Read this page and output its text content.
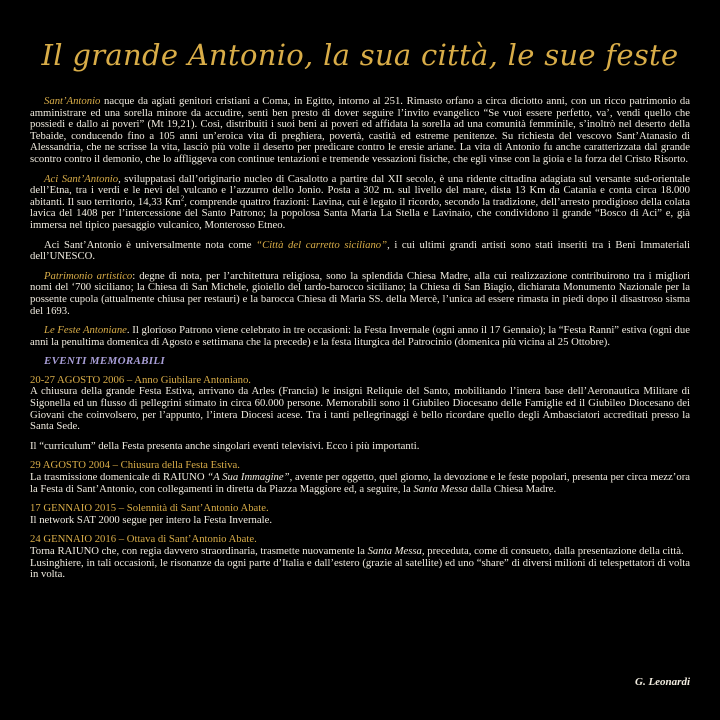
Il grande Antonio, la sua città, le sue feste

Sant’Antonio nacque da agiati genitori cristiani a Coma, in Egitto, intorno al 251. Rimasto orfano a circa diciotto anni, con un ricco patrimonio da amministrare ed una sorella minore da accudire, sentì ben presto di dover seguire l’invito evangelico “Se vuoi essere perfetto, va’, vendi quello che possiedi e dallo ai poveri” (Mt 19,21). Così, distribuiti i suoi beni ai poveri ed affidata la sorella ad una comunità femminile, s’inoltrò nel deserto della Tebaide, conducendo fino a 105 anni un’eroica vita di preghiera, povertà, castità ed estreme penitenze. Su richiesta del vescovo Sant’Atanasio di Alessandria, che ne scrisse la vita, lasciò più volte il deserto per predicare contro le eresie ariane. La vita di Antonio fu anche caratterizzata dal grande scontro contro il demonio, che lo affliggeva con continue tentazioni e tremende vessazioni fisiche, che egli vinse con la gioia e la forza del Cristo Risorto.

Aci Sant’Antonio, sviluppatasi dall’originario nucleo di Casalotto a partire dal XII secolo, è una ridente cittadina adagiata sul versante sud-orientale dell’Etna, tra i verdi e le nevi del vulcano e l’azzurro dello Jonio. Posta a 302 m. sul livello del mare, dista 13 Km da Catania e conta circa 18.000 abitanti. Il suo territorio, 14,33 Km$^2$, comprende quattro frazioni: Lavina, cui è legato il ricordo, secondo la tradizione, dell’arresto prodigioso della colata lavica del 1408 per l’intercessione del Santo Patrono; la popolosa Santa Maria La Stella e Lavinaio, che condividono il grande “Bosco di Aci” e, già immersa nel tipico paesaggio vulcanico, Monterosso Etneo.

Aci Sant’Antonio è universalmente nota come “Città del carretto siciliano”, i cui ultimi grandi artisti sono stati inseriti tra i Beni Immateriali dell’UNESCO.

Patrimonio artistico: degne di nota, per l’architettura religiosa, sono la splendida Chiesa Madre, alla cui realizzazione contribuirono tra i migliori nomi del ‘700 siciliano; la Chiesa di San Michele, gioiello del tardo-barocco siciliano; la Chiesa di San Biagio, dichiarata Monumento Nazionale per la possente cupola (attualmente chiusa per restauri) e la barocca Chiesa di Maria SS. della Mercè, l’unica ad essere rimasta in piedi dopo il disastroso sisma del 1693.

Le Feste Antoniane. Il glorioso Patrono viene celebrato in tre occasioni: la Festa Invernale (ogni anno il 17 Gennaio); la “Festa Ranni” estiva (ogni due anni la penultima domenica di Agosto e settimana che la precede) e la festa liturgica del Patrocinio (domenica più vicina al 25 Ottobre).

EVENTI MEMORABILI
20-27 AGOSTO 2006 – Anno Giubilare Antoniano.

A chiusura della grande Festa Estiva, arrivano da Arles (Francia) le insigni Reliquie del Santo, mobilitando l’intera base dell’Aeronautica Militare di Sigonella ed un flusso di pellegrini stimato in circa 60.000 persone. Memorabili sono il Giubileo Diocesano delle Famiglie ed il Giubileo Diocesano dei Giovani che coinvolsero, per l’appunto, l’intera Diocesi acese. Tra i tanti pellegrinaggi è bello ricordare quello degli Ambasciatori accreditati presso la Santa Sede.

Il “curriculum” della Festa presenta anche singolari eventi televisivi. Ecco i più importanti.

29 AGOSTO 2004 – Chiusura della Festa Estiva.

La trasmissione domenicale di RAIUNO “A Sua Immagine”, avente per oggetto, quel giorno, la devozione e le feste popolari, presenta per circa mezz’ora la Festa di Sant’Antonio, con collegamenti in diretta da Piazza Maggiore ed, a seguire, la Santa Messa dalla Chiesa Madre.

17 GENNAIO 2015 – Solennità di Sant’Antonio Abate.

Il network SAT 2000 segue per intero la Festa Invernale.

24 GENNAIO 2016 – Ottava di Sant’Antonio Abate.

Torna RAIUNO che, con regia davvero straordinaria, trasmette nuovamente la Santa Messa, preceduta, come di consueto, dalla presentazione della città.
Lusinghiere, in tali occasioni, le risonanze da ogni parte d’Italia e dall’estero (grazie al satellite) ed uno “share” di diversi milioni di telespettatori di volta in volta.

G. Leonardi
